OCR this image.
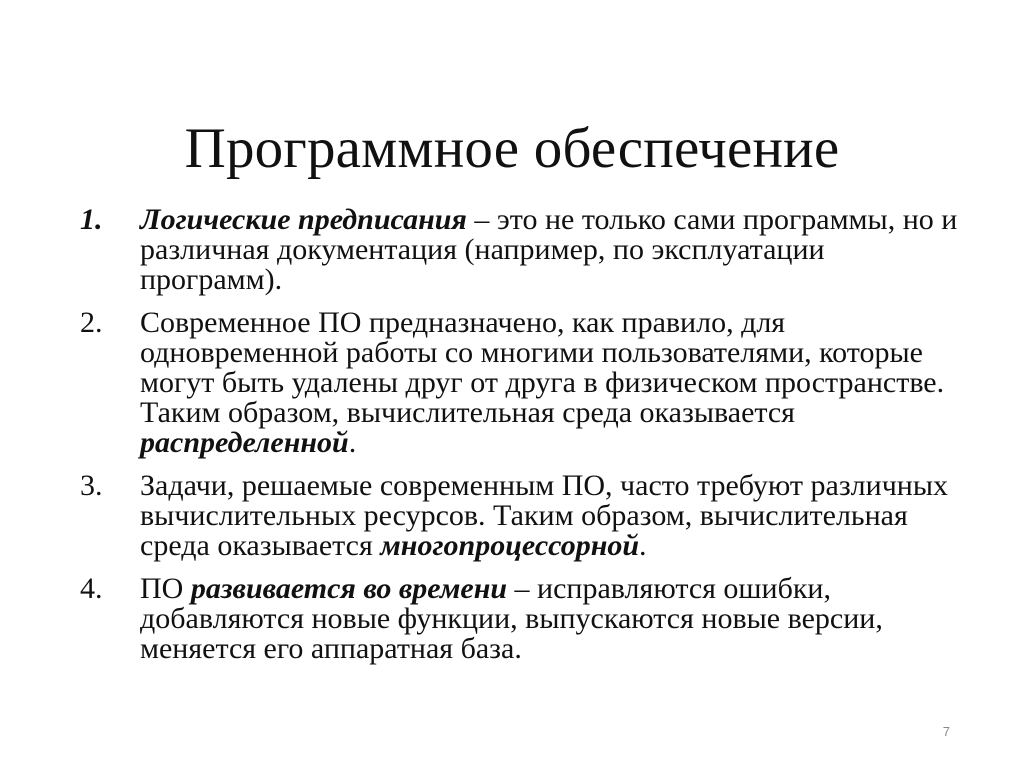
Программное обеспечение
1.	Логические предписания – это не только сами программы, но и различная документация (например, по эксплуатации программ).
2.	Современное ПО предназначено, как правило, для одновременной работы со многими пользователями, которые могут быть удалены друг от друга в физическом пространстве. Таким образом, вычислительная среда оказывается распределенной.
3.	Задачи, решаемые современным ПО, часто требуют различных вычислительных ресурсов. Таким образом, вычислительная среда оказывается многопроцессорной.
4.	ПО развивается во времени – исправляются ошибки, добавляются новые функции, выпускаются новые версии, меняется его аппаратная база.
7
